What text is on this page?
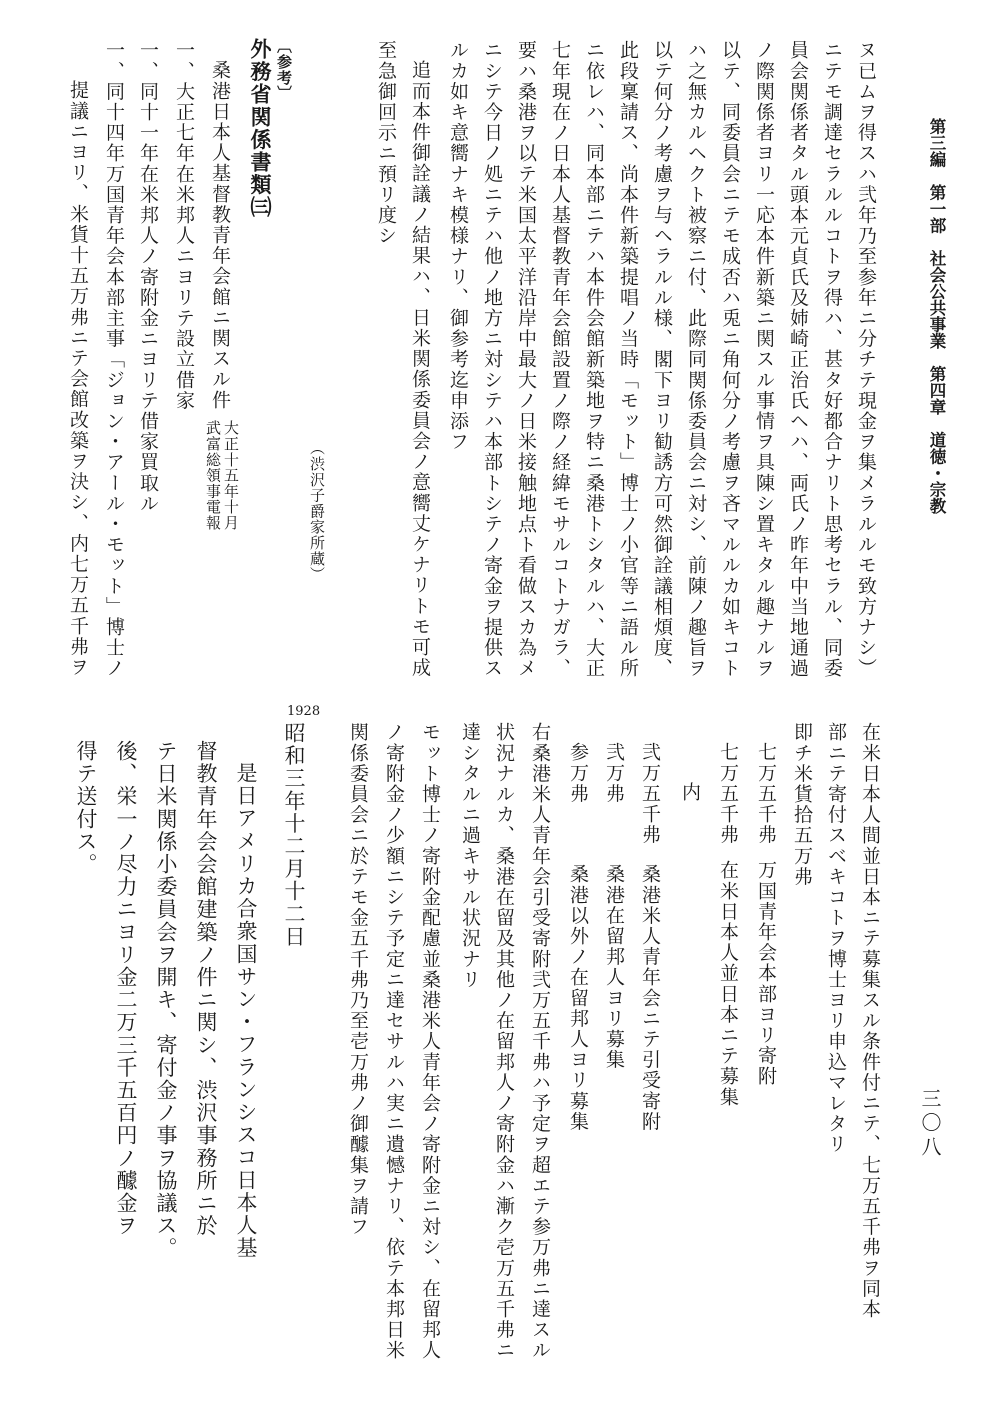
第三編　第一部　社会公共事業　第四章　道徳・宗教
三〇八
ヌ已ムヲ得スハ弐年乃至参年ニ分チテ現金ヲ集メラルルモ致方ナシ）
ニテモ調達セラルルコトヲ得ハ、甚タ好都合ナリト思考セラル、同委
員会関係者タル頭本元貞氏及姉崎正治氏ヘハ、両氏ノ昨年中当地通過
ノ際関係者ヨリ一応本件新築ニ関スル事情ヲ具陳シ置キタル趣ナルヲ
以テ、同委員会ニテモ成否ハ兎ニ角何分ノ考慮ヲ吝マルルカ如キコト
ハ之無カルヘクト被察ニ付、此際同関係委員会ニ対シ、前陳ノ趣旨ヲ
以テ何分ノ考慮ヲ与ヘラルル様、閣下ヨリ勧誘方可然御詮議相煩度、
此段稟請ス、尚本件新築提唱ノ当時「モット」博士ノ小官等ニ語ル所
ニ依レハ、同本部ニテハ本件会館新築地ヲ特ニ桑港トシタルハ、大正
七年現在ノ日本人基督教青年会館設置ノ際ノ経緯モサルコトナガラ、
要ハ桑港ヲ以テ米国太平洋沿岸中最大ノ日米接触地点ト看做スカ為メ
ニシテ今日ノ処ニテハ他ノ地方ニ対シテハ本部トシテノ寄金ヲ提供ス
ルカ如キ意嚮ナキ模様ナリ、御参考迄申添フ
追而本件御詮議ノ結果ハ、日米関係委員会ノ意嚮丈ケナリトモ可成
至急御回示ニ預リ度シ
（渋沢子爵家所蔵）
〔参考〕
外務省関係書類㈢
桑港日本人基督教青年会館ニ関スル件
大正十五年十月
武富総領事電報
一、大正七年在米邦人ニヨリテ設立借家
一、同十一年在米邦人ノ寄附金ニヨリテ借家買取ル
一、同十四年万国青年会本部主事「ジョン・アール・モット」博士ノ
提議ニヨリ、米貨十五万弗ニテ会館改築ヲ決シ、内七万五千弗ヲ
在米日本人間並日本ニテ募集スル条件付ニテ、七万五千弗ヲ同本
部ニテ寄付スベキコトヲ博士ヨリ申込マレタリ
即チ米貨拾五万弗
七万五千弗
万国青年会本部ヨリ寄附
七万五千弗
在米日本人並日本ニテ募集
内
弐万五千弗
桑港米人青年会ニテ引受寄附
弐万弗
桑港在留邦人ヨリ募集
参万弗
桑港以外ノ在留邦人ヨリ募集
右桑港米人青年会引受寄附弐万五千弗ハ予定ヲ超エテ参万弗ニ達スル
状況ナルカ、桑港在留及其他ノ在留邦人ノ寄附金ハ漸ク壱万五千弗ニ
達シタルニ過キサル状況ナリ
モット博士ノ寄附金配慮並桑港米人青年会ノ寄附金ニ対シ、在留邦人
ノ寄附金ノ少額ニシテ予定ニ達セサルハ実ニ遺憾ナリ、依テ本邦日米
関係委員会ニ於テモ金五千弗乃至壱万弗ノ御醵集ヲ請フ
1928
昭和三年十二月十二日
是日アメリカ合衆国サン・フランシスコ日本人基
督教青年会会館建築ノ件ニ関シ、渋沢事務所ニ於
テ日米関係小委員会ヲ開キ、寄付金ノ事ヲ協議ス。
後、栄一ノ尽力ニヨリ金二万三千五百円ノ醵金ヲ
得テ送付ス。
